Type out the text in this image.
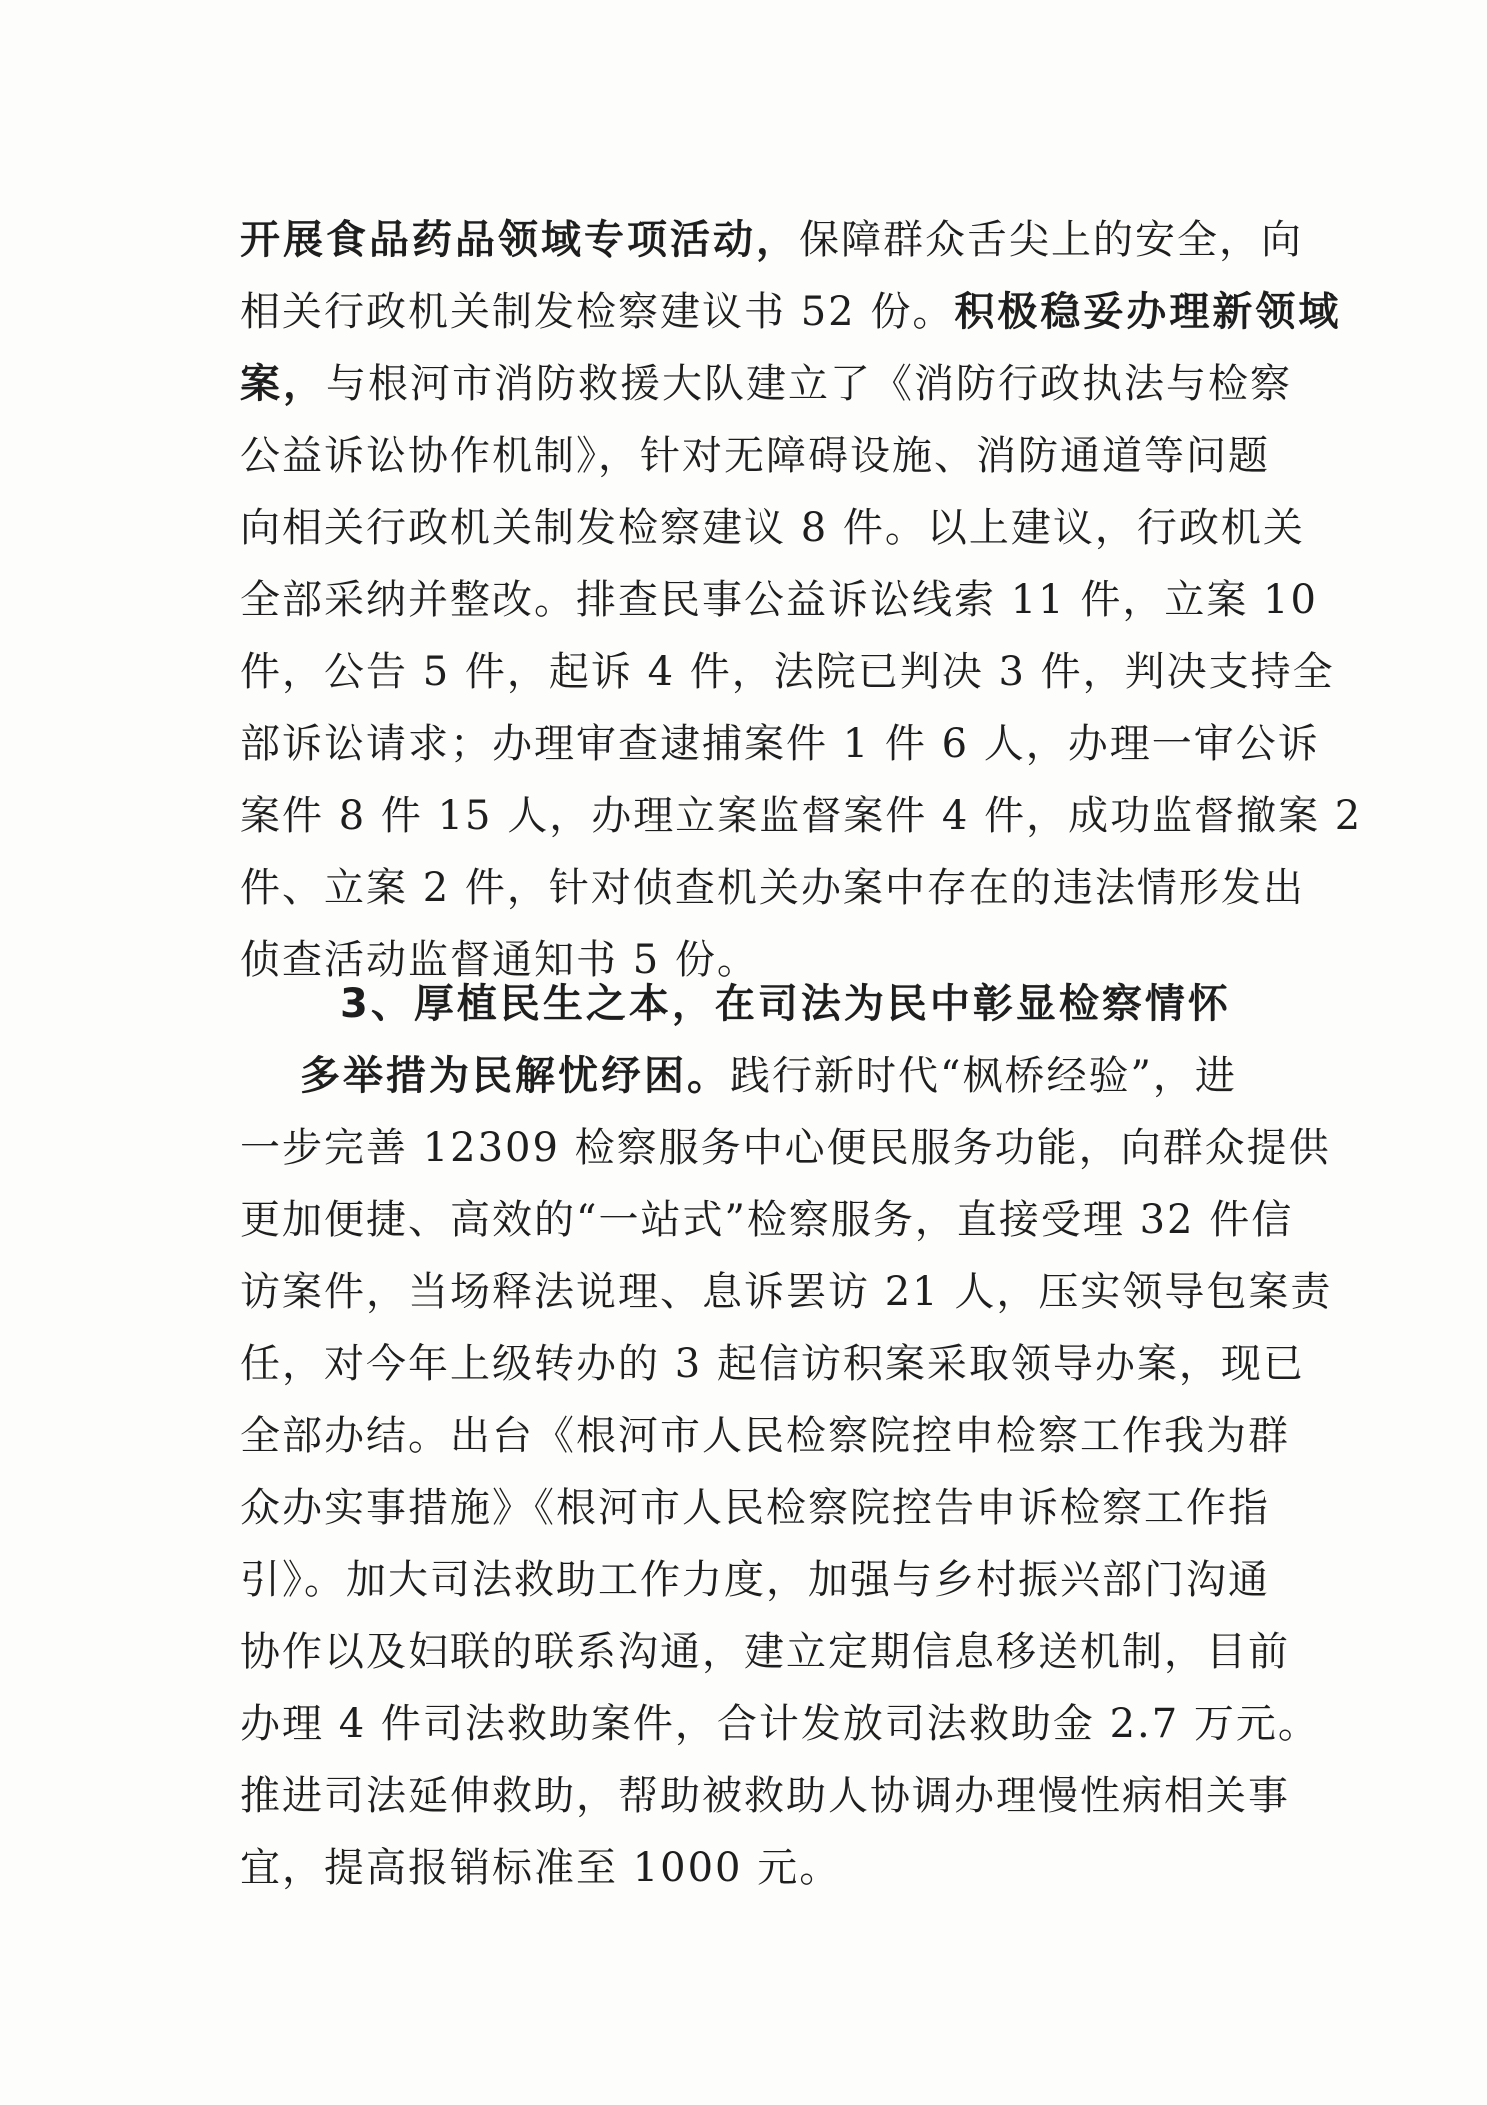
开展食品药品领域专项活动，保障群众舌尖上的安全，向
相关行政机关制发检察建议书 52 份。积极稳妥办理新领域
案，与根河市消防救援大队建立了《消防行政执法与检察
公益诉讼协作机制》，针对无障碍设施、消防通道等问题
向相关行政机关制发检察建议 8 件。以上建议，行政机关
全部采纳并整改。排查民事公益诉讼线索 11 件，立案 10
件，公告 5 件，起诉 4 件，法院已判决 3 件，判决支持全
部诉讼请求；办理审查逮捕案件 1 件 6 人，办理一审公诉
案件 8 件 15 人，办理立案监督案件 4 件，成功监督撤案 2
件、立案 2 件，针对侦查机关办案中存在的违法情形发出
侦查活动监督通知书 5 份。
3、厚植民生之本，在司法为民中彰显检察情怀
多举措为民解忧纾困。践行新时代“枫桥经验”，进
一步完善 12309 检察服务中心便民服务功能，向群众提供
更加便捷、高效的“一站式”检察服务，直接受理 32 件信
访案件，当场释法说理、息诉罢访 21 人，压实领导包案责
任，对今年上级转办的 3 起信访积案采取领导办案，现已
全部办结。出台《根河市人民检察院控申检察工作我为群
众办实事措施》《根河市人民检察院控告申诉检察工作指
引》。加大司法救助工作力度，加强与乡村振兴部门沟通
协作以及妇联的联系沟通，建立定期信息移送机制，目前
办理 4 件司法救助案件，合计发放司法救助金 2.7 万元。
推进司法延伸救助，帮助被救助人协调办理慢性病相关事
宜，提高报销标准至 1000 元。
